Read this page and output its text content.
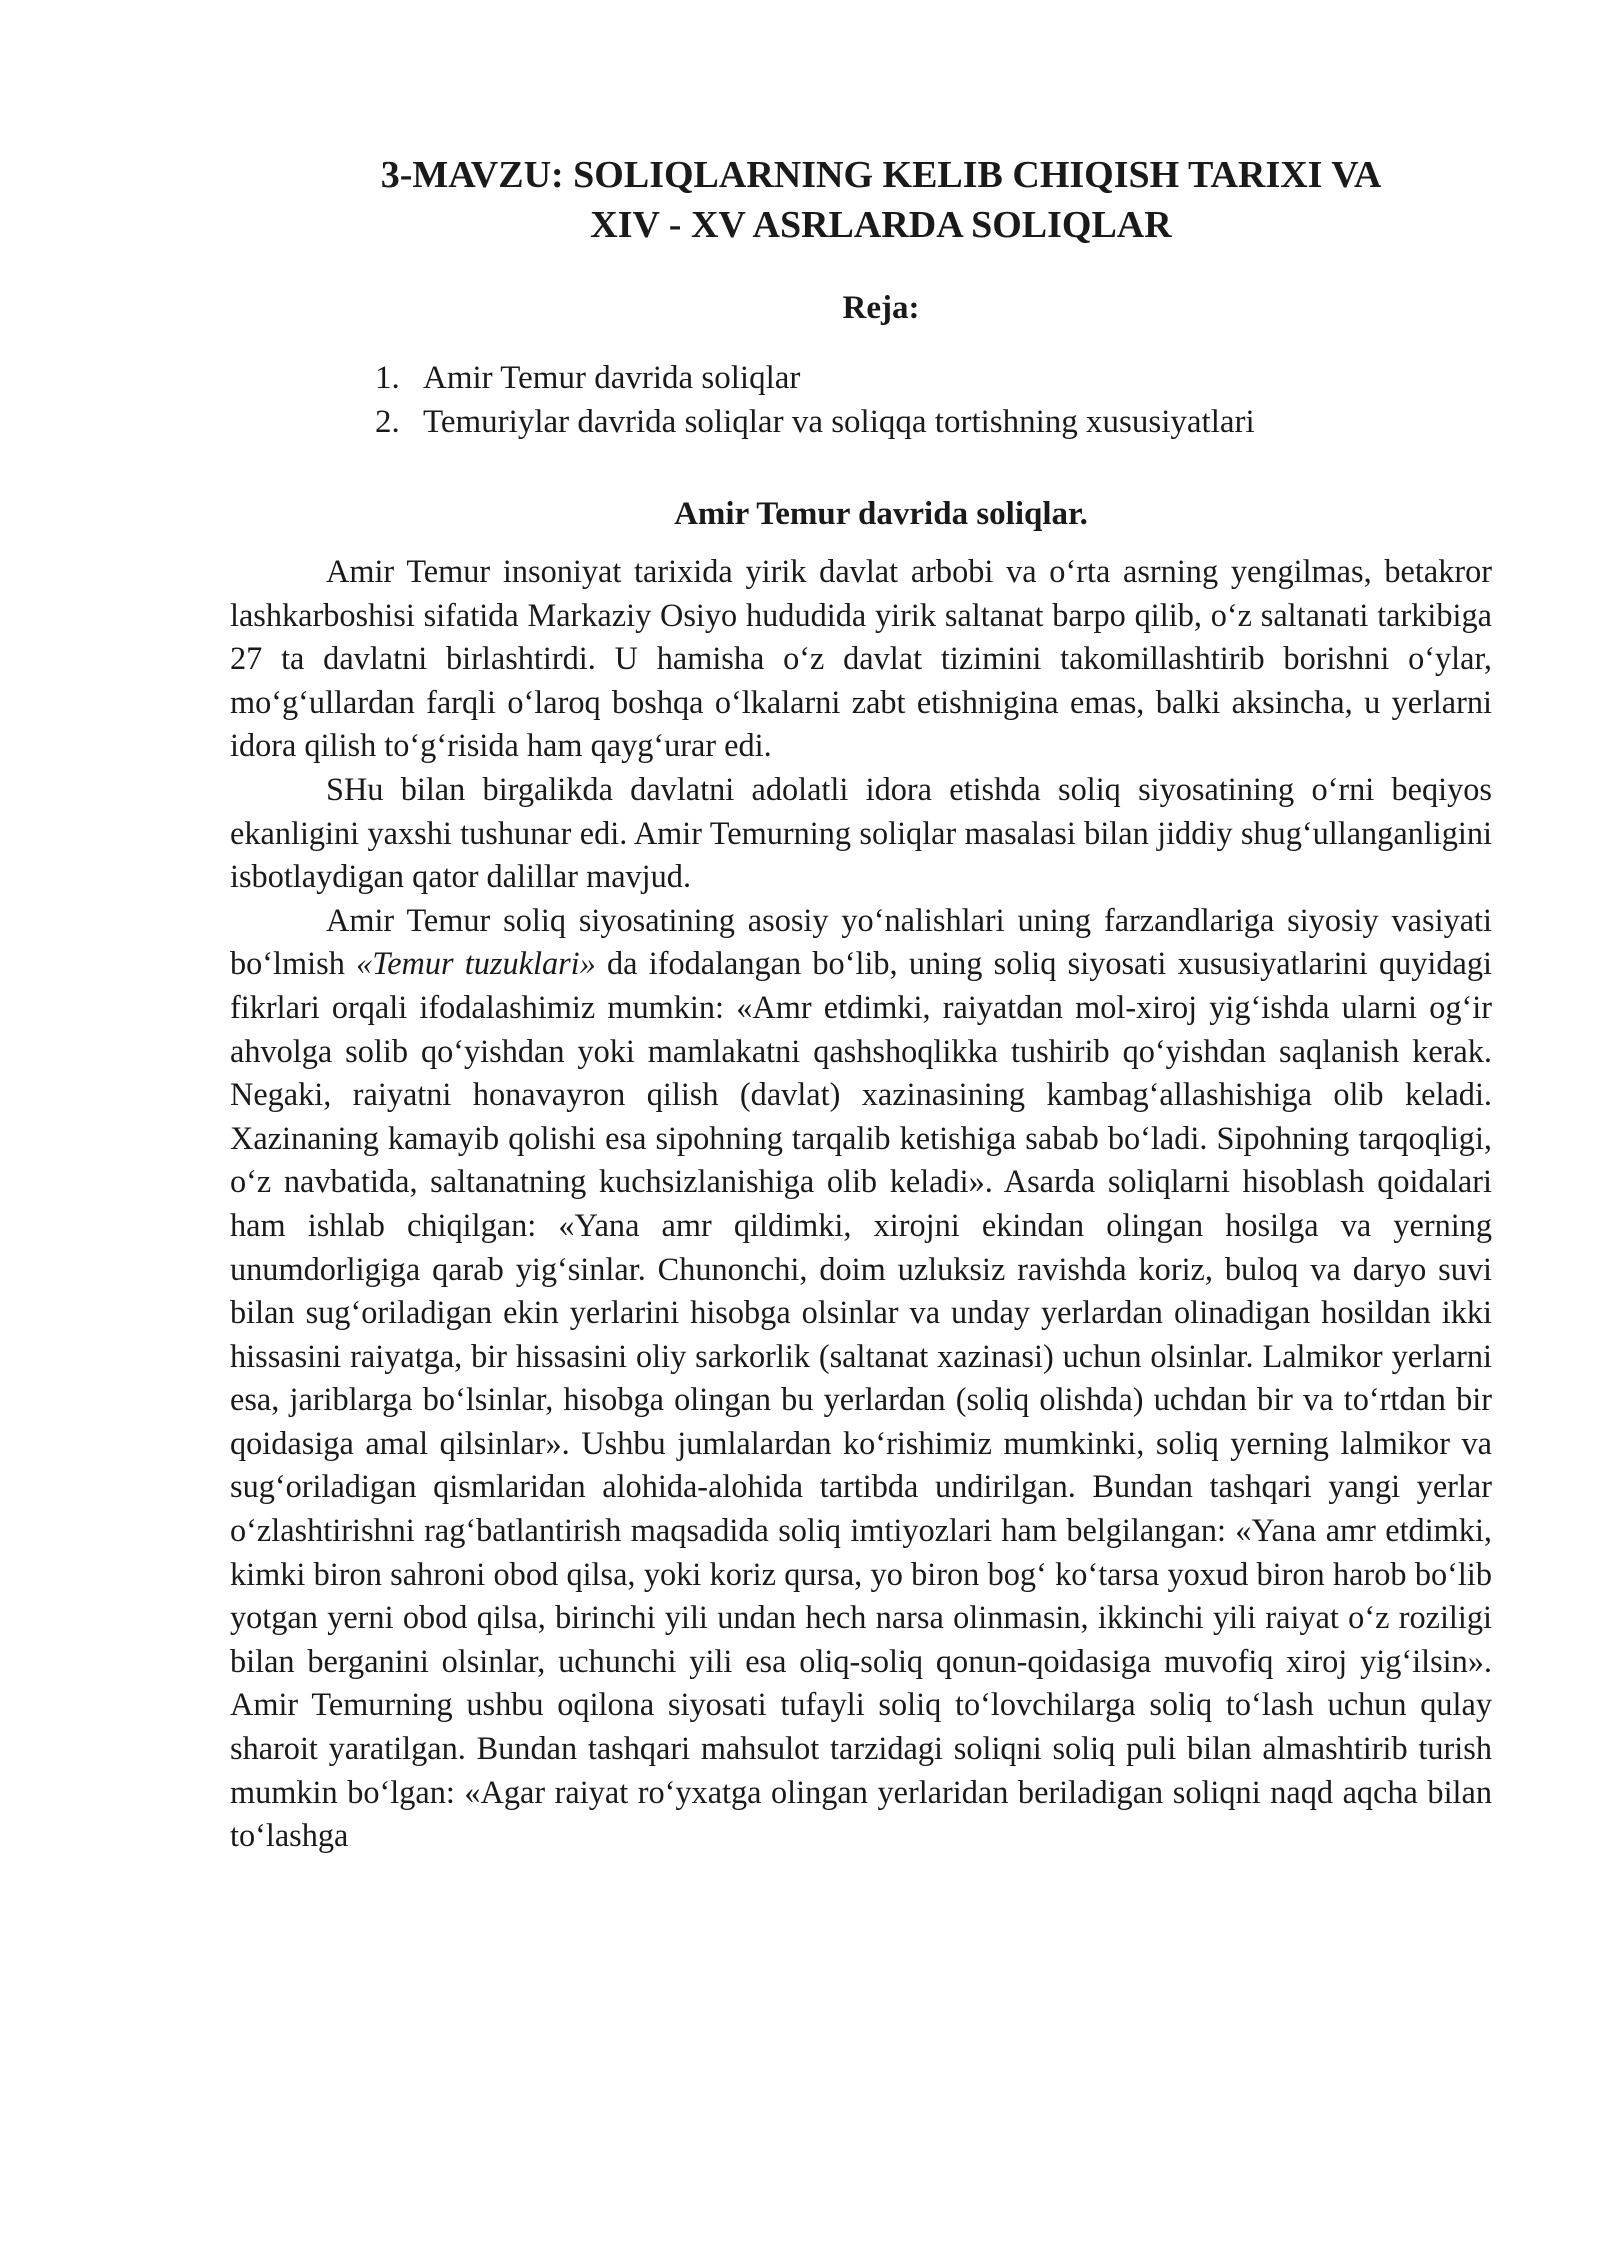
3-MAVZU: SOLIQLARNING KELIB CHIQISH TARIXI VA
XIV - XV ASRLARDA SOLIQLAR
Reja:
1. Amir Temur davrida soliqlar
2. Temuriylar davrida soliqlar va soliqqa tortishning xususiyatlari
Amir Temur davrida soliqlar.

Amir Temur insoniyat tarixida yirik davlat arbobi va o‘rta asrning yengilmas, betakror lashkarboshisi sifatida Markaziy Osiyo hududida yirik saltanat barpo qilib, o‘z saltanati tarkibiga 27 ta davlatni birlashtirdi. U hamisha o‘z davlat tizimini takomillashtirib borishni o‘ylar, mo‘g‘ullardan farqli o‘laroq boshqa o‘lkalarni zabt etishnigina emas, balki aksincha, u yerlarni idora qilish to‘g‘risida ham qayg‘urar edi.

SHu bilan birgalikda davlatni adolatli idora etishda soliq siyosatining o‘rni beqiyos ekanligini yaxshi tushunar edi. Amir Temurning soliqlar masalasi bilan jiddiy shug‘ullanganligini isbotlaydigan qator dalillar mavjud.

Amir Temur soliq siyosatining asosiy yo‘nalishlari uning farzandlariga siyosiy vasiyati bo‘lmish «Temur tuzuklari» da ifodalangan bo‘lib, uning soliq siyosati xususiyatlarini quyidagi fikrlari orqali ifodalashimiz mumkin: «Amr etdimki, raiyatdan mol-xiroj yig‘ishda ularni og‘ir ahvolga solib qo‘yishdan yoki mamlakatni qashshoqlikka tushirib qo‘yishdan saqlanish kerak. Negaki, raiyatni honavayron qilish (davlat) xazinasining kambag‘allashishiga olib keladi. Xazinaning kamayib qolishi esa sipohning tarqalib ketishiga sabab bo‘ladi. Sipohning tarqoqligi, o‘z navbatida, saltanatning kuchsizlanishiga olib keladi». Asarda soliqlarni hisoblash qoidalari ham ishlab chiqilgan: «Yana amr qildimki, xirojni ekindan olingan hosilga va yerning unumdorligiga qarab yig‘sinlar. Chunonchi, doim uzluksiz ravishda koriz, buloq va daryo suvi bilan sug‘oriladigan ekin yerlarini hisobga olsinlar va unday yerlardan olinadigan hosildan ikki hissasini raiyatga, bir hissasini oliy sarkorlik (saltanat xazinasi) uchun olsinlar. Lalmikor yerlarni esa, jariblarga bo‘lsinlar, hisobga olingan bu yerlardan (soliq olishda) uchdan bir va to‘rtdan bir qoidasiga amal qilsinlar». Ushbu jumlalardan ko‘rishimiz mumkinki, soliq yerning lalmikor va sug‘oriladigan qismlaridan alohida-alohida tartibda undirilgan. Bundan tashqari yangi yerlar o‘zlashtirishni rag‘batlantirish maqsadida soliq imtiyozlari ham belgilangan: «Yana amr etdimki, kimki biron sahroni obod qilsa, yoki koriz qursa, yo biron bog‘ ko‘tarsa yoxud biron harob bo‘lib yotgan yerni obod qilsa, birinchi yili undan hech narsa olinmasin, ikkinchi yili raiyat o‘z roziligi bilan berganini olsinlar, uchunchi yili esa oliq-soliq qonun-qoidasiga muvofiq xiroj yig‘ilsin». Amir Temurning ushbu oqilona siyosati tufayli soliq to‘lovchilarga soliq to‘lash uchun qulay sharoit yaratilgan. Bundan tashqari mahsulot tarzidagi soliqni soliq puli bilan almashtirib turish mumkin bo‘lgan: «Agar raiyat ro‘yxatga olingan yerlaridan beriladigan soliqni naqd aqcha bilan to‘lashga
